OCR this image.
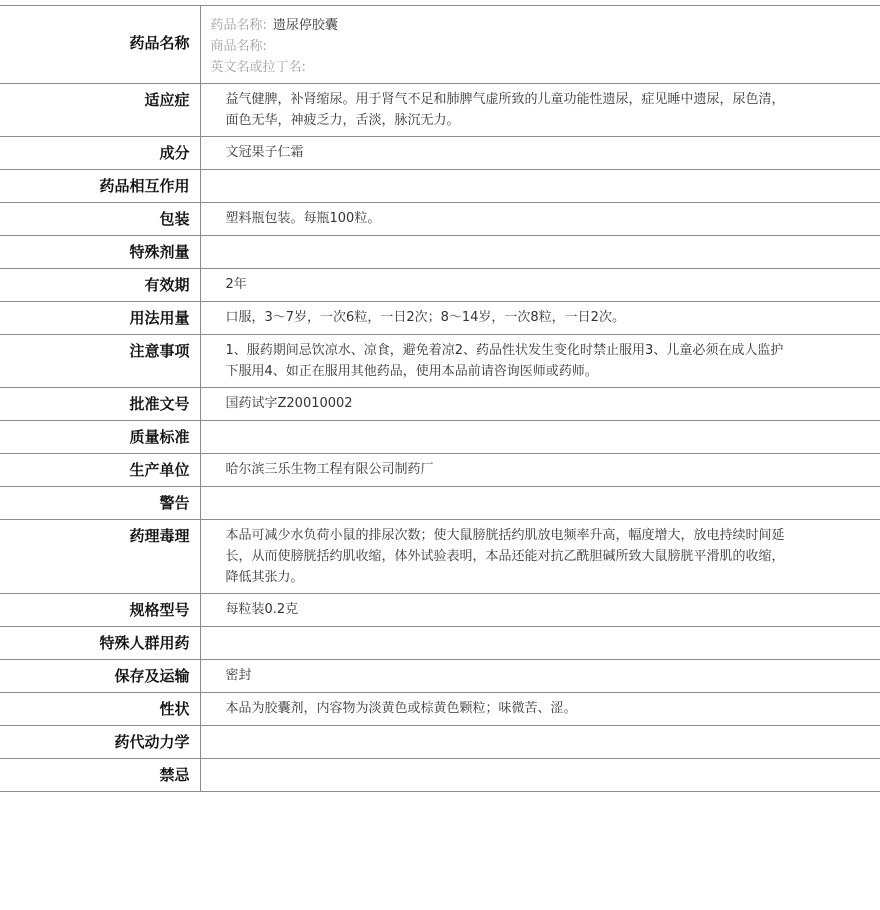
药品名称	药品名称: 遗尿停胶囊
商品名称:
英文名或拉丁名:

适应症	益气健脾，补肾缩尿。用于肾气不足和肺脾气虚所致的儿童功能性遗尿，症见睡中遗尿，尿色清，面色无华，神疲乏力，舌淡，脉沉无力。
成分	文冠果子仁霜
药品相互作用	
包装	塑料瓶包装。每瓶100粒。
特殊剂量	
有效期	2年
用法用量	口服，3～7岁，一次6粒，一日2次；8～14岁，一次8粒，一日2次。
注意事项	1、服药期间忌饮凉水、凉食，避免着凉2、药品性状发生变化时禁止服用3、儿童必须在成人监护下服用4、如正在服用其他药品，使用本品前请咨询医师或药师。
批准文号	国药试字Z20010002
质量标准	
生产单位	哈尔滨三乐生物工程有限公司制药厂
警告	
药理毒理	本品可减少水负荷小鼠的排尿次数；使大鼠膀胱括约肌放电频率升高，幅度增大，放电持续时间延长，从而使膀胱括约肌收缩，体外试验表明，本品还能对抗乙酰胆碱所致大鼠膀胱平滑肌的收缩，降低其张力。
规格型号	每粒装0.2克
特殊人群用药	
保存及运输	密封
性状	本品为胶囊剂，内容物为淡黄色或棕黄色颗粒；味微苦、涩。
药代动力学	
禁忌	
